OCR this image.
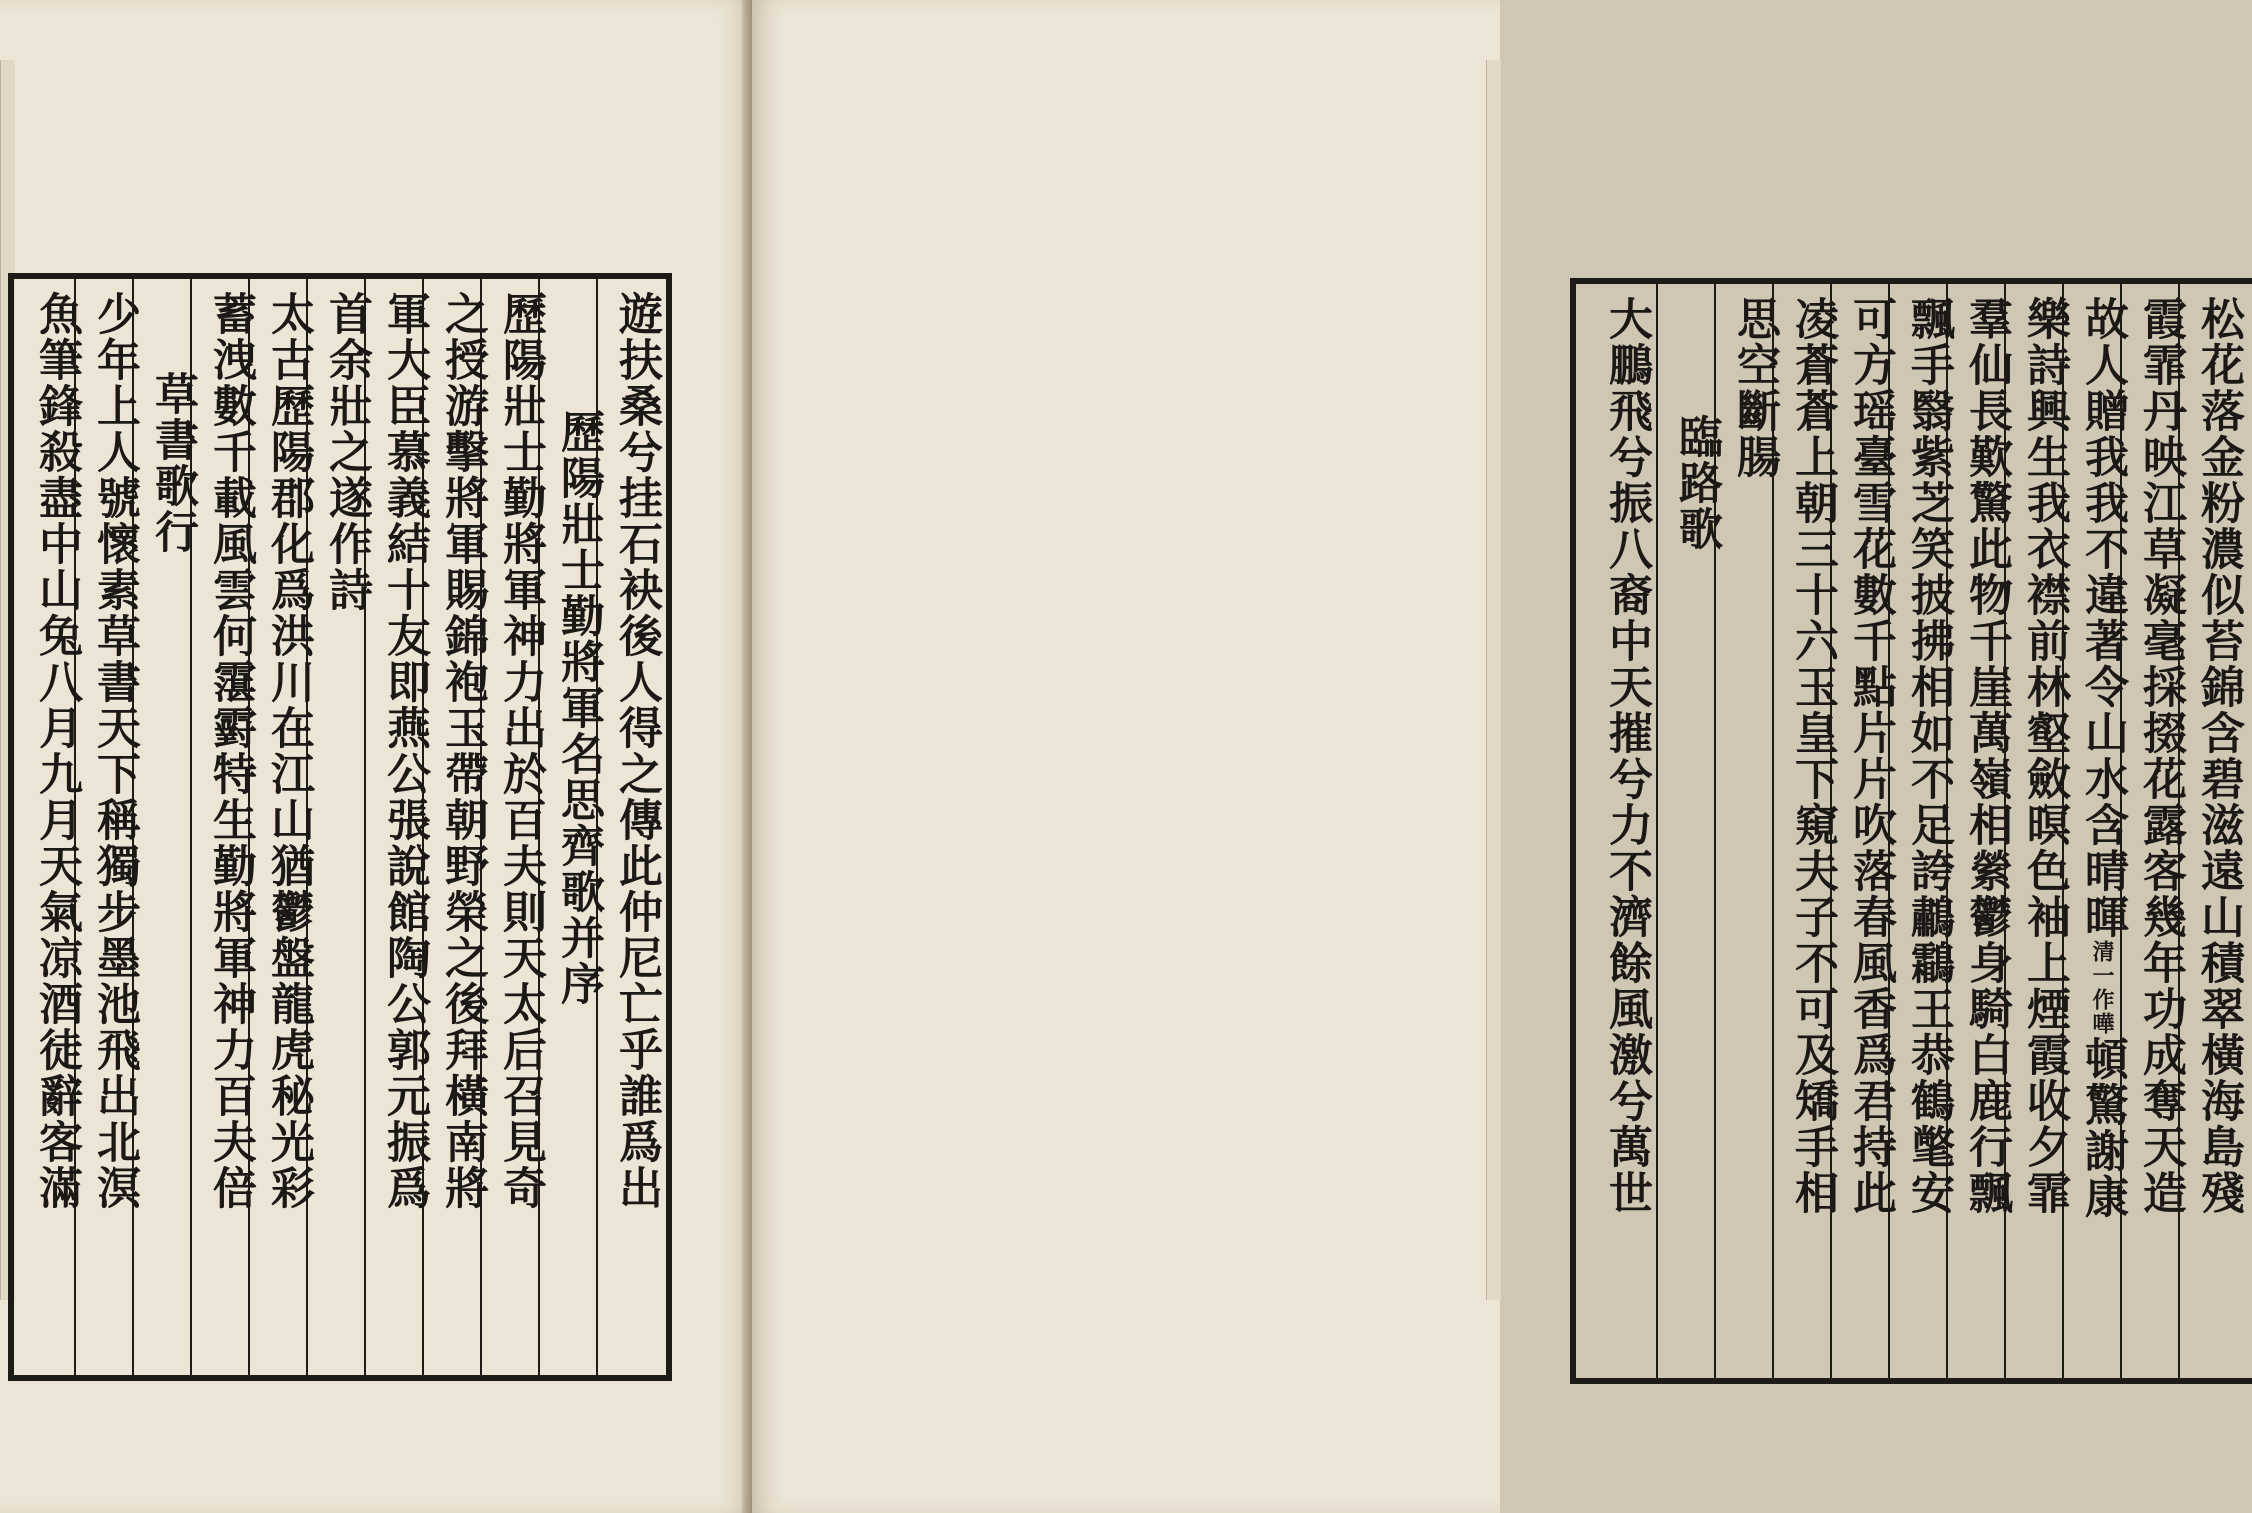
遊扶桑兮挂石袂後人得之傳此仲尼亡乎誰爲出
歷陽壯士勤將軍名思齊歌并序
歷陽壯士勤將軍神力出於百夫則天太后召見奇
之授游擊將軍賜錦袍玉帶朝野榮之後拜橫南將
軍大臣慕義結十友即燕公張說館陶公郭元振爲
首余壯之遂作詩
太古歷陽郡化爲洪川在江山猶鬱盤龍虎秘光彩
蓄洩數千載風雲何霮䨴特生勤將軍神力百夫倍
草書歌行
少年上人號懷素草書天下稱獨步墨池飛出北溟
魚筆鋒殺盡中山兔八月九月天氣凉酒徒辭客滿	松花落金粉濃似苔錦含碧滋遠山積翠橫海島殘
霞霏丹映江草凝毫採掇花露客幾年功成奪天造
故人贈我我不違著令山水含晴暉清一作嘩頓驚謝康
樂詩興生我衣襟前林壑斂暝色袖上煙霞收夕霏
羣仙長歎驚此物千崖萬嶺相縈鬱身騎白鹿行飄
飄手翳紫芝笑披拂相如不足誇鷫鸘王恭鶴氅安
可方瑶臺雪花數千點片片吹落春風香爲君持此
凌蒼蒼上朝三十六玉皇下窺夫子不可及矯手相
思空斷腸
臨路歌
大鵬飛兮振八裔中天摧兮力不濟餘風激兮萬世
